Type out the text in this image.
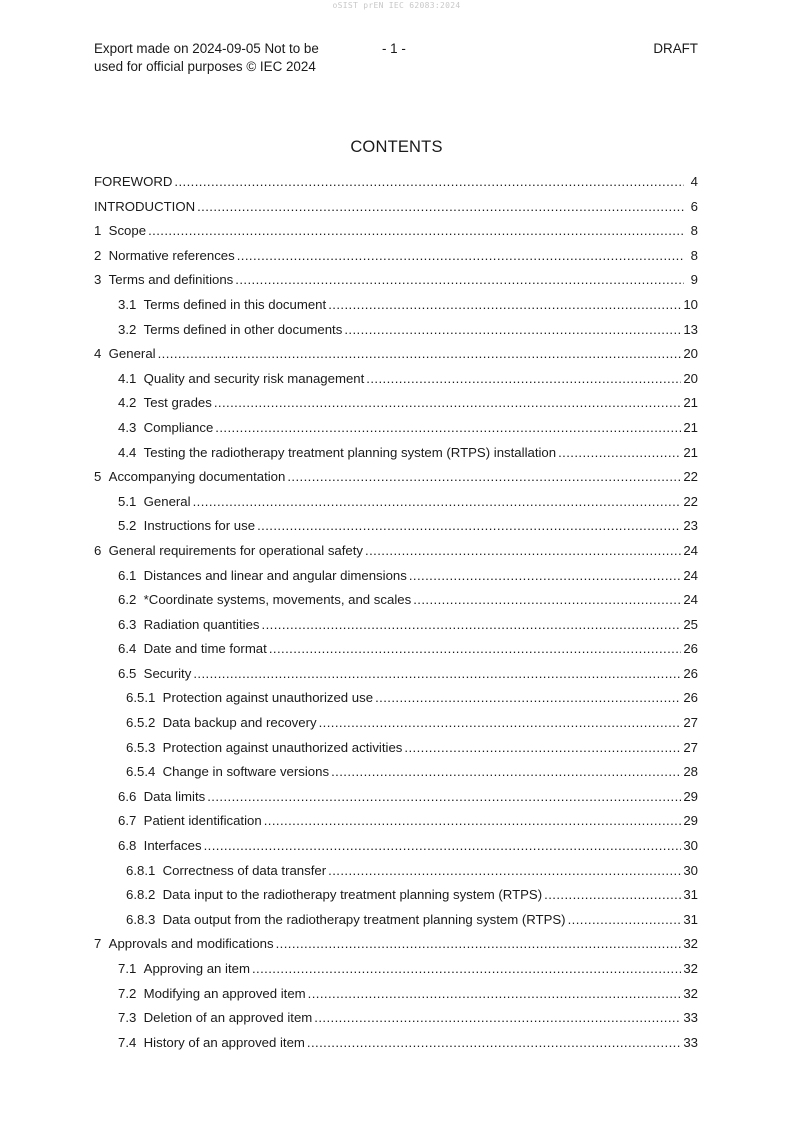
oSIST prEN IEC 62083:2024
Export made on 2024-09-05 Not to be used for official purposes © IEC 2024
- 1 -	DRAFT
CONTENTS
FOREWORD .....	4
INTRODUCTION .....	6
1  Scope .....	8
2  Normative references .....	8
3  Terms and definitions .....	9
3.1  Terms defined in this document .....	10
3.2  Terms defined in other documents .....	13
4  General .....	20
4.1  Quality and security risk management .....	20
4.2  Test grades .....	21
4.3  Compliance .....	21
4.4  Testing the radiotherapy treatment planning system (RTPS) installation .....	21
5  Accompanying documentation .....	22
5.1  General .....	22
5.2  Instructions for use .....	23
6  General requirements for operational safety .....	24
6.1  Distances and linear and angular dimensions .....	24
6.2  *Coordinate systems, movements, and scales .....	24
6.3  Radiation quantities .....	25
6.4  Date and time format .....	26
6.5  Security .....	26
6.5.1  Protection against unauthorized use .....	26
6.5.2  Data backup and recovery .....	27
6.5.3  Protection against unauthorized activities .....	27
6.5.4  Change in software versions .....	28
6.6  Data limits .....	29
6.7  Patient identification .....	29
6.8  Interfaces .....	30
6.8.1  Correctness of data transfer .....	30
6.8.2  Data input to the radiotherapy treatment planning system (RTPS) .....	31
6.8.3  Data output from the radiotherapy treatment planning system (RTPS) .....	31
7  Approvals and modifications .....	32
7.1  Approving an item .....	32
7.2  Modifying an approved item .....	32
7.3  Deletion of an approved item .....	33
7.4  History of an approved item .....	33
